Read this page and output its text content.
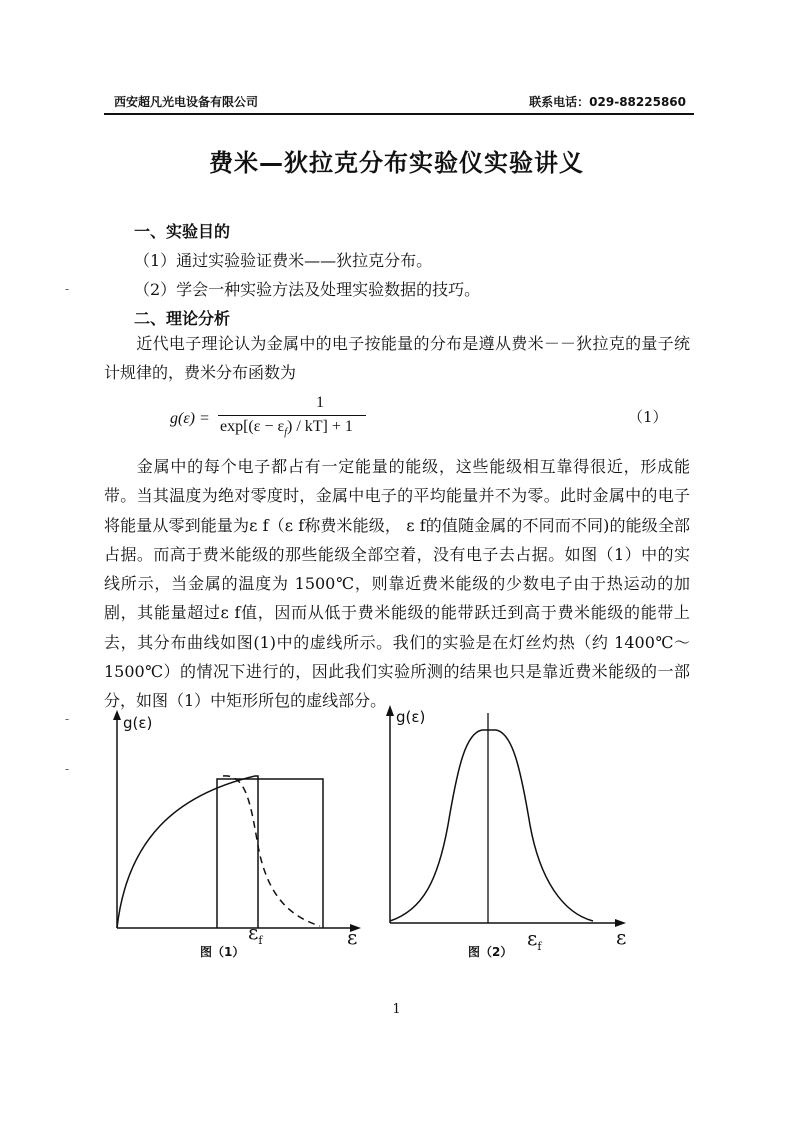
西安超凡光电设备有限公司	联系电话：029-88225860
费米—狄拉克分布实验仪实验讲义
一、实验目的
（1）通过实验验证费米——狄拉克分布。
（2）学会一种实验方法及处理实验数据的技巧。
二、理论分析
近代电子理论认为金属中的电子按能量的分布是遵从费米－－狄拉克的量子统计规律的，费米分布函数为
g(ε) =
1
$\exp[(\varepsilon - \varepsilon_f) / kT] + 1$
（1）
金属中的每个电子都占有一定能量的能级，这些能级相互靠得很近，形成能带。当其温度为绝对零度时，金属中电子的平均能量并不为零。此时金属中的电子将能量从零到能量为ε f（ε f称费米能级， ε f的值随金属的不同而不同)的能级全部占据。而高于费米能级的那些能级全部空着，没有电子去占据。如图（1）中的实线所示，当金属的温度为 1500℃，则靠近费米能级的少数电子由于热运动的加剧，其能量超过ε f值，因而从低于费米能级的能带跃迁到高于费米能级的能带上去，其分布曲线如图(1)中的虚线所示。我们的实验是在灯丝灼热（约 1400℃～1500℃）的情况下进行的，因此我们实验所测的结果也只是靠近费米能级的一部分，如图（1）中矩形所包的虚线部分。
-
-
-
g(ε)
$\varepsilon_f$	ε
图（1）
g(ε)
$\varepsilon_f$	ε
图（2）
1
